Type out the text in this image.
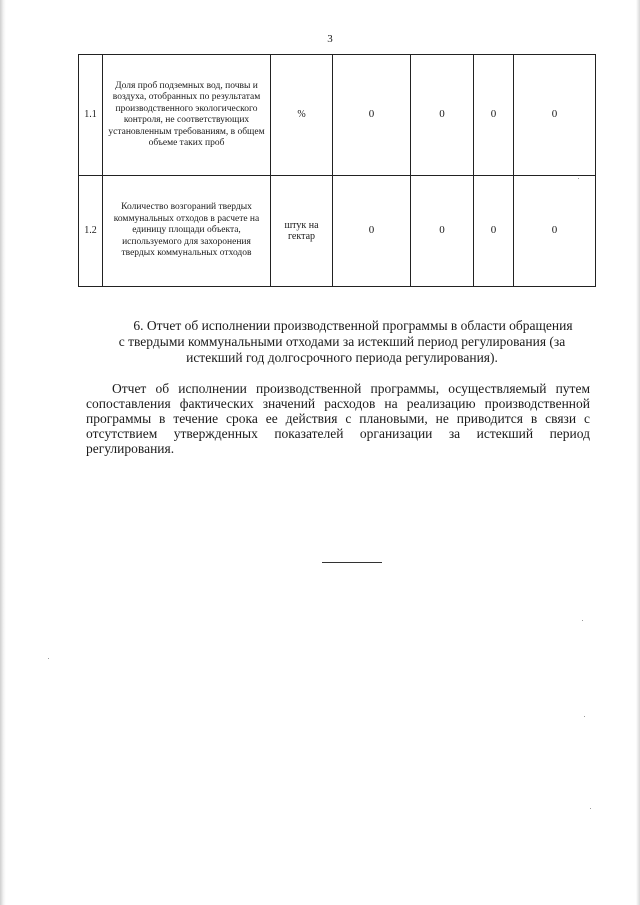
3
1.1	Доля проб подземных вод, почвы и воздуха, отобранных по результатам производственного экологического контроля, не соответствующих установленным требованиям, в общем объеме таких проб	%	0	0	0	0
1.2	Количество возгораний твердых коммунальных отходов в расчете на единицу площади объекта, используемого для захоронения твердых коммунальных отходов	штук на гектар	0	0	0	0
6. Отчет об исполнении производственной программы в области обращения
с твердыми коммунальными отходами за истекший период регулирования (за
истекший год долгосрочного периода регулирования).
Отчет об исполнении производственной программы, осуществляемый путем сопоставления фактических значений расходов на реализацию производственной программы в течение срока ее действия с плановыми, не приводится в связи с отсутствием утвержденных показателей организации за истекший период регулирования.
